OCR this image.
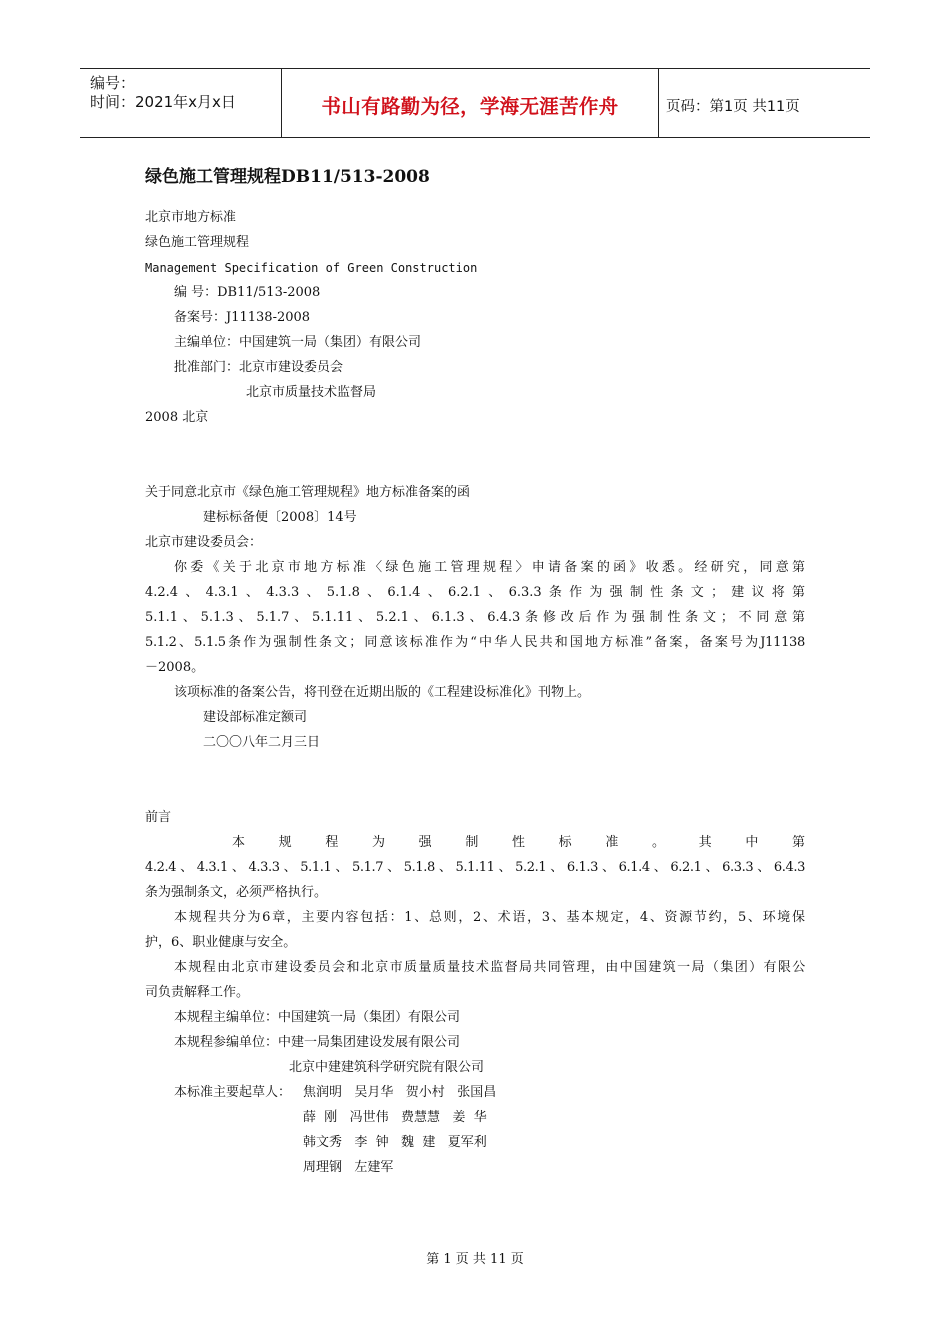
编号：
时间：2021年x月x日	书山有路勤为径，学海无涯苦作舟	页码：第1页 共11页
绿色施工管理规程DB11/513-2008
北京市地方标准
绿色施工管理规程
Management Specification of Green Construction
编 号：DB11/513-2008
备案号：J11138-2008
主编单位：中国建筑一局（集团）有限公司
批准部门：北京市建设委员会
北京市质量技术监督局
2008 北京
关于同意北京市《绿色施工管理规程》地方标准备案的函
建标标备便〔2008〕14号
北京市建设委员会：
你委《关于北京市地方标准〈绿色施工管理规程〉申请备案的函》收悉。经研究，同意第
4.2.4、4.3.1、4.3.3、5.1.8、6.1.4、6.2.1、6.3.3条作为强制性条文；建议将第
5.1.1、5.1.3、5.1.7、5.1.11、5.2.1、6.1.3、6.4.3条修改后作为强制性条文；不同意第
5.1.2、5.1.5条作为强制性条文；同意该标准作为“中华人民共和国地方标准”备案，备案号为J11138
－2008。
该项标准的备案公告，将刊登在近期出版的《工程建设标准化》刊物上。
建设部标准定额司
二〇〇八年二月三日
前言
本规程为强制性标准。其中第
4.2.4、4.3.1、4.3.3、5.1.1、5.1.7、5.1.8、5.1.11、5.2.1、6.1.3、6.1.4、6.2.1、6.3.3、6.4.3
条为强制条文，必须严格执行。
本规程共分为6章，主要内容包括：1、总则，2、术语，3、基本规定，4、资源节约，5、环境保
护，6、职业健康与安全。
本规程由北京市建设委员会和北京市质量质量技术监督局共同管理，由中国建筑一局（集团）有限公
司负责解释工作。
本规程主编单位：中国建筑一局（集团）有限公司
本规程参编单位：中建一局集团建设发展有限公司
北京中建建筑科学研究院有限公司
本标准主要起草人： 焦润明   吴月华   贺小村   张国昌
薛  刚   冯世伟   费慧慧   姜  华
韩文秀   李  钟   魏  建   夏军利
周理钢   左建军
第 1 页 共 11 页
